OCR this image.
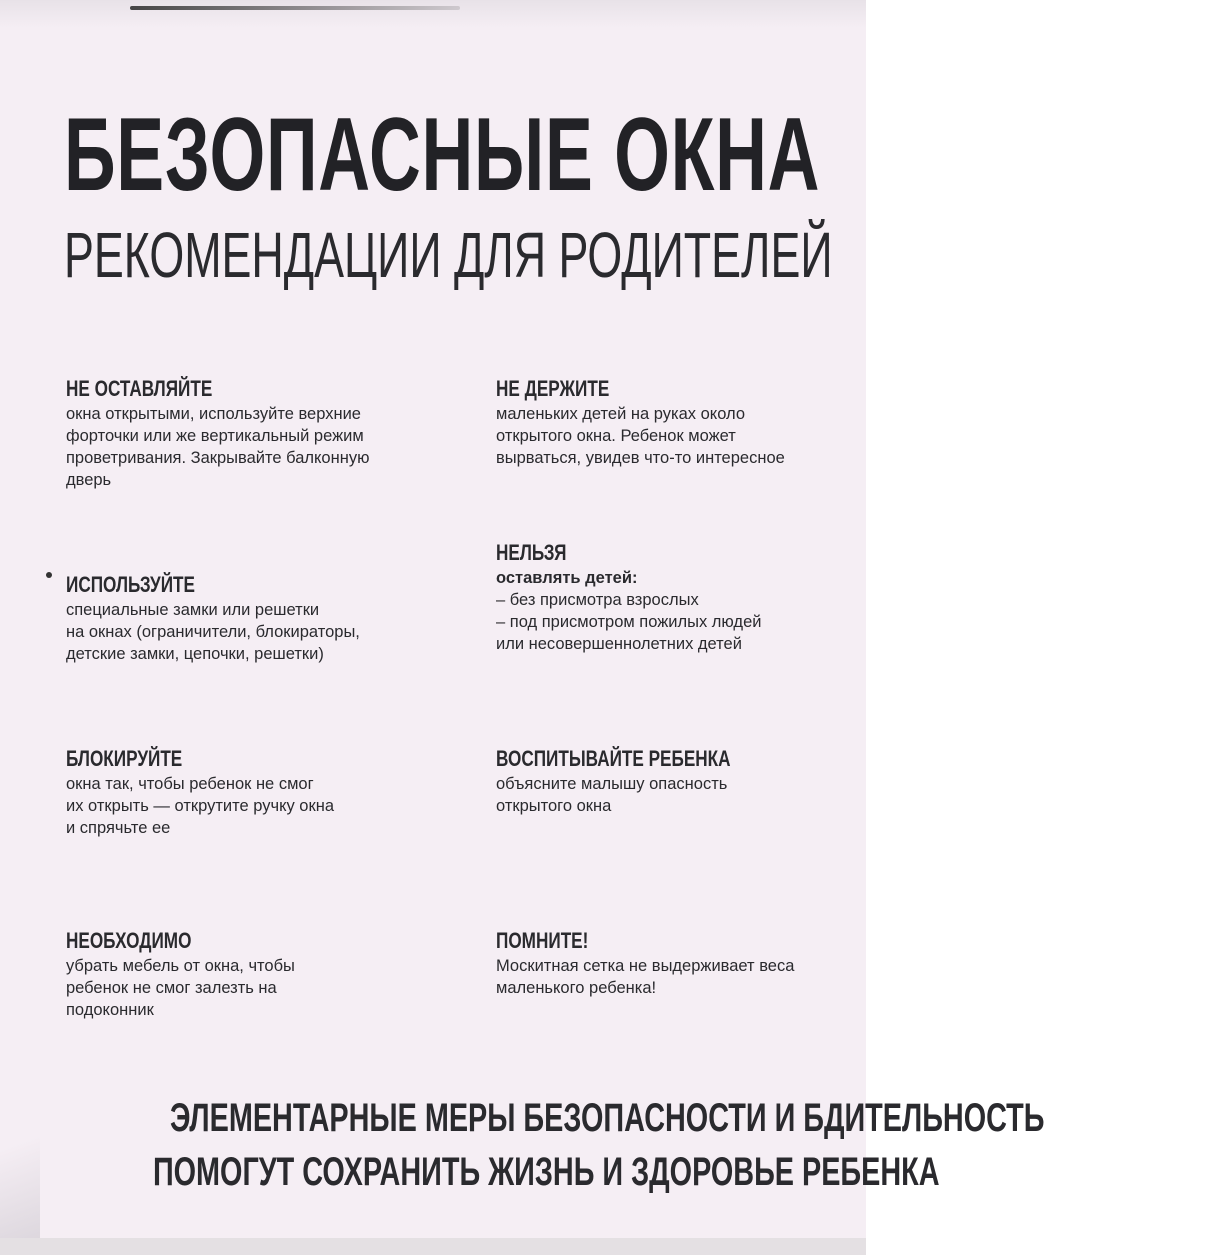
БЕЗОПАСНЫЕ ОКНА
РЕКОМЕНДАЦИИ ДЛЯ РОДИТЕЛЕЙ
НЕ ОСТАВЛЯЙТЕ
окна открытыми, используйте верхние
форточки или же вертикальный режим
проветривания. Закрывайте балконную
дверь
ИСПОЛЬЗУЙТЕ
специальные замки или решетки
на окнах (ограничители, блокираторы,
детские замки, цепочки, решетки)
БЛОКИРУЙТЕ
окна так, чтобы ребенок не смог
их открыть — открутите ручку окна
и спрячьте ее
НЕОБХОДИМО
убрать мебель от окна, чтобы
ребенок не смог залезть на
подоконник
НЕ ДЕРЖИТЕ
маленьких детей на руках около
открытого окна. Ребенок может
вырваться, увидев что-то интересное
НЕЛЬЗЯ
оставлять детей:
– без присмотра взрослых
– под присмотром пожилых людей
или несовершеннолетних детей
ВОСПИТЫВАЙТЕ РЕБЕНКА
объясните малышу опасность
открытого окна
ПОМНИТЕ!
Москитная сетка не выдерживает веса
маленького ребенка!
ЭЛЕМЕНТАРНЫЕ МЕРЫ БЕЗОПАСНОСТИ И БДИТЕЛЬНОСТЬ
ПОМОГУТ СОХРАНИТЬ ЖИЗНЬ И ЗДОРОВЬЕ РЕБЕНКА
